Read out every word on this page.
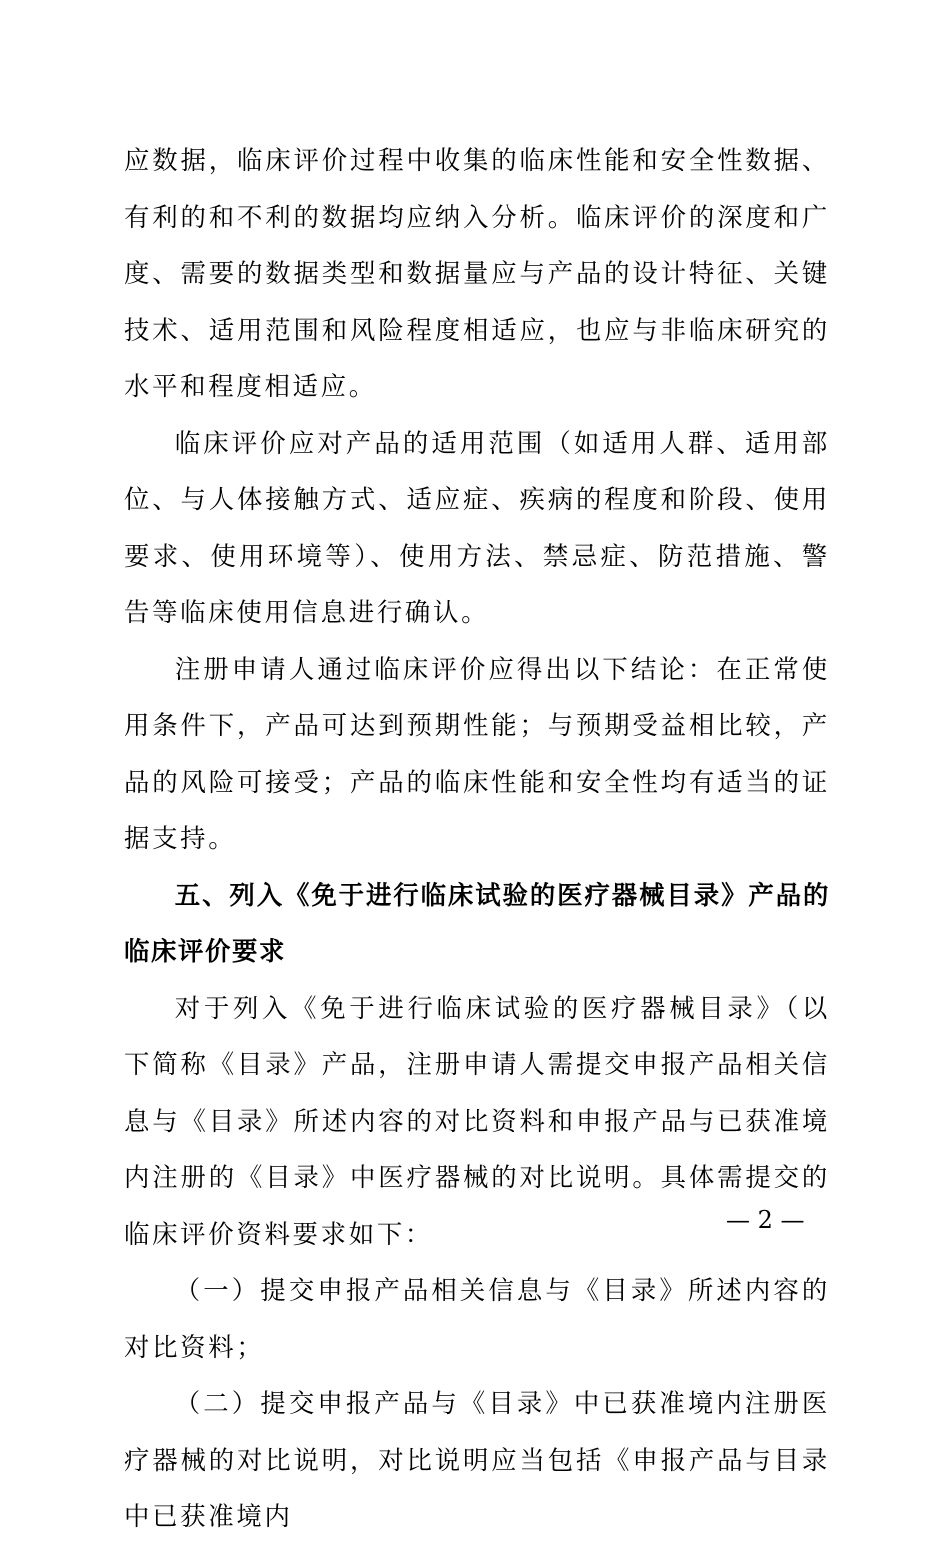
应数据，临床评价过程中收集的临床性能和安全性数据、有利的和不利的数据均应纳入分析。临床评价的深度和广度、需要的数据类型和数据量应与产品的设计特征、关键技术、适用范围和风险程度相适应，也应与非临床研究的水平和程度相适应。

临床评价应对产品的适用范围（如适用人群、适用部位、与人体接触方式、适应症、疾病的程度和阶段、使用要求、使用环境等）、使用方法、禁忌症、防范措施、警告等临床使用信息进行确认。

注册申请人通过临床评价应得出以下结论：在正常使用条件下，产品可达到预期性能；与预期受益相比较，产品的风险可接受；产品的临床性能和安全性均有适当的证据支持。

五、列入《免于进行临床试验的医疗器械目录》产品的临床评价要求

对于列入《免于进行临床试验的医疗器械目录》（以下简称《目录》产品，注册申请人需提交申报产品相关信息与《目录》所述内容的对比资料和申报产品与已获准境内注册的《目录》中医疗器械的对比说明。具体需提交的临床评价资料要求如下：

（一）提交申报产品相关信息与《目录》所述内容的对比资料；

（二）提交申报产品与《目录》中已获准境内注册医疗器械的对比说明，对比说明应当包括《申报产品与目录中已获准境内

— 2 —
